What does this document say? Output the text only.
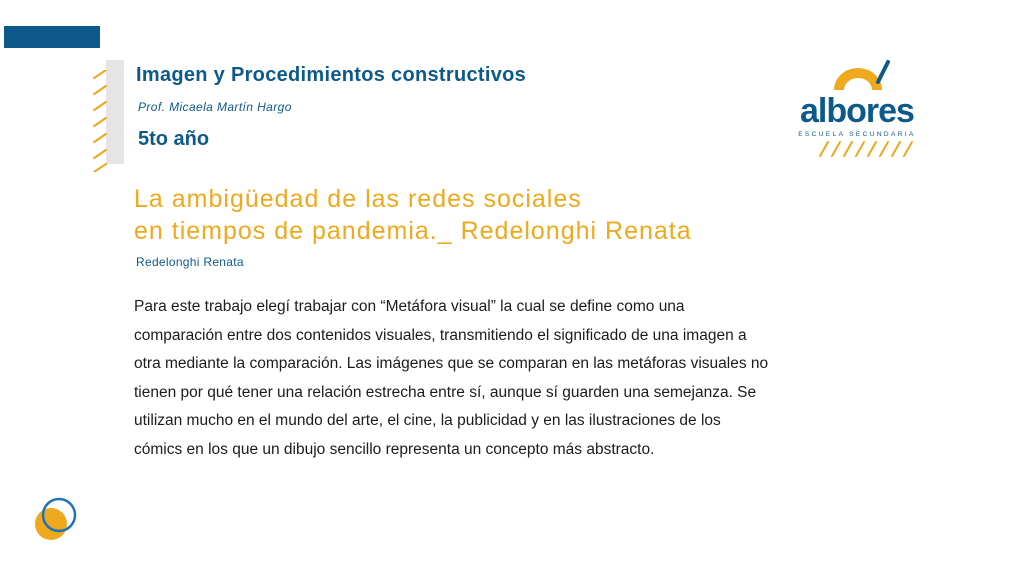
Imagen y Procedimientos constructivos
Prof. Micaela Martín Hargo
5to año
albores
ESCUELA SECUNDARIA
La ambigüedad de las redes sociales
en tiempos de pandemia._ Redelonghi Renata
Redelonghi Renata
Para este trabajo elegí trabajar con “Metáfora visual” la cual se define como una
comparación entre dos contenidos visuales, transmitiendo el significado de una imagen a
otra mediante la comparación. Las imágenes que se comparan en las metáforas visuales no
tienen por qué tener una relación estrecha entre sí, aunque sí guarden una semejanza. Se
utilizan mucho en el mundo del arte, el cine, la publicidad y en las ilustraciones de los
cómics en los que un dibujo sencillo representa un concepto más abstracto.
